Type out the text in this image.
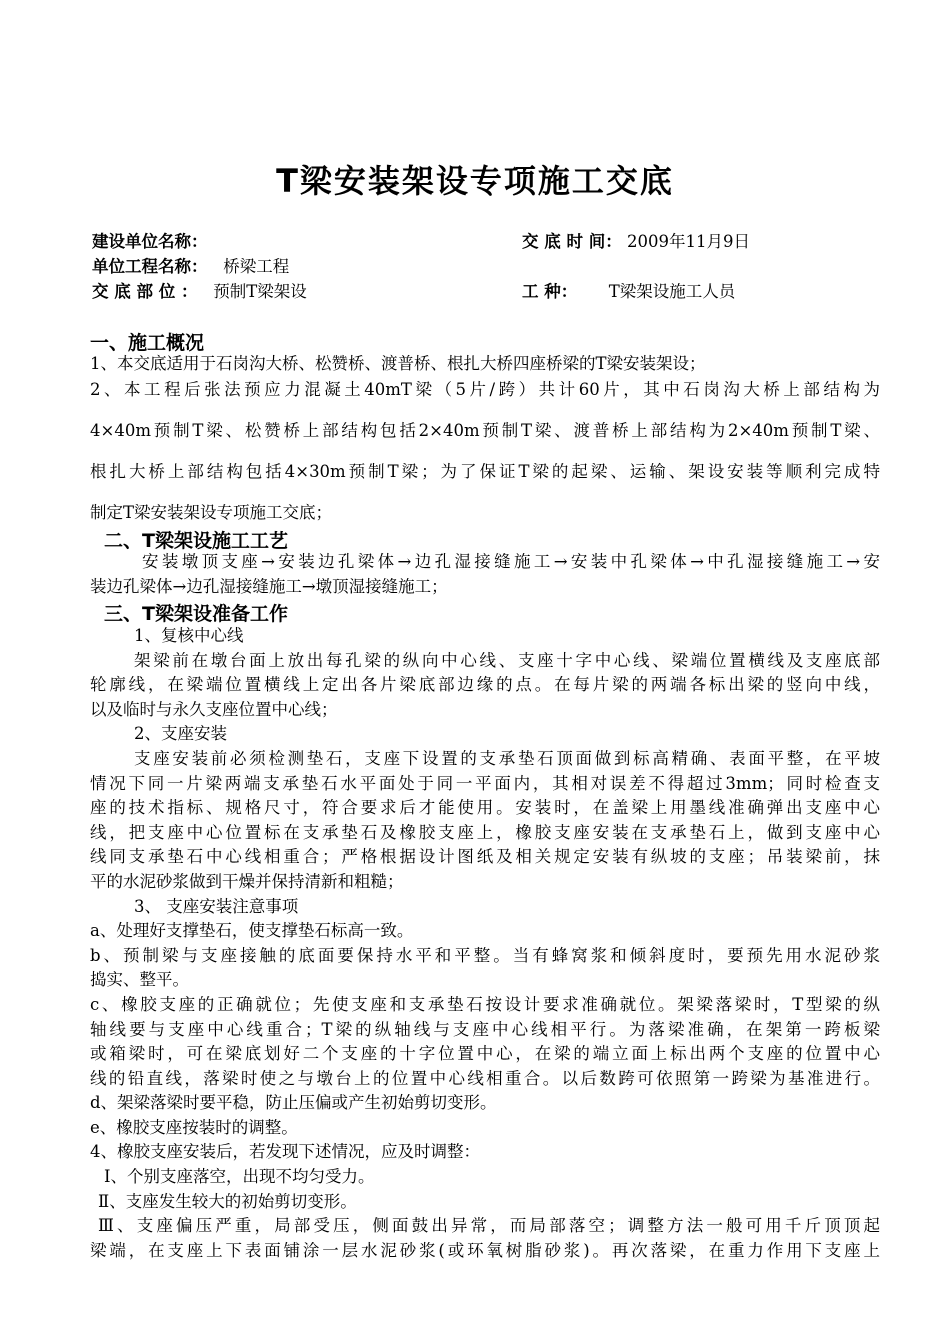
T梁安装架设专项施工交底
建设单位名称：	交 底 时 间： 2009年11月9日
单位工程名称： 桥梁工程
交 底 部 位 ： 预制T梁架设	工 种： T梁架设施工人员
一、施工概况
1、本交底适用于石岗沟大桥、松赞桥、渡普桥、根扎大桥四座桥梁的T梁安装架设；
2、本工程后张法预应力混凝土40mT梁（5片/跨）共计60片，其中石岗沟大桥上部结构为
4×40m预制T梁、松赞桥上部结构包括2×40m预制T梁、渡普桥上部结构为2×40m预制T梁、
根扎大桥上部结构包括4×30m预制T梁；为了保证T梁的起梁、运输、架设安装等顺利完成特
制定T梁安装架设专项施工交底；
二、T梁架设施工工艺
安装墩顶支座→安装边孔梁体→边孔湿接缝施工→安装中孔梁体→中孔湿接缝施工→安
装边孔梁体→边孔湿接缝施工→墩顶湿接缝施工；
三、T梁架设准备工作
1、复核中心线
架梁前在墩台面上放出每孔梁的纵向中心线、支座十字中心线、梁端位置横线及支座底部
轮廓线，在梁端位置横线上定出各片梁底部边缘的点。在每片梁的两端各标出梁的竖向中线，
以及临时与永久支座位置中心线；
2、支座安装
支座安装前必须检测垫石，支座下设置的支承垫石顶面做到标高精确、表面平整，在平坡
情况下同一片梁两端支承垫石水平面处于同一平面内，其相对误差不得超过3mm；同时检查支
座的技术指标、规格尺寸，符合要求后才能使用。安装时，在盖梁上用墨线准确弹出支座中心
线，把支座中心位置标在支承垫石及橡胶支座上，橡胶支座安装在支承垫石上，做到支座中心
线同支承垫石中心线相重合；严格根据设计图纸及相关规定安装有纵坡的支座；吊装梁前，抹
平的水泥砂浆做到干燥并保持清新和粗糙；
3、 支座安装注意事项
a、处理好支撑垫石，使支撑垫石标高一致。
b、预制梁与支座接触的底面要保持水平和平整。当有蜂窝浆和倾斜度时，要预先用水泥砂浆
捣实、整平。
c、橡胶支座的正确就位；先使支座和支承垫石按设计要求准确就位。架梁落梁时，T型梁的纵
轴线要与支座中心线重合；T梁的纵轴线与支座中心线相平行。为落梁准确，在架第一跨板梁
或箱梁时，可在梁底划好二个支座的十字位置中心，在梁的端立面上标出两个支座的位置中心
线的铅直线，落梁时使之与墩台上的位置中心线相重合。以后数跨可依照第一跨梁为基准进行。
d、架梁落梁时要平稳，防止压偏或产生初始剪切变形。
e、橡胶支座按装时的调整。
4、橡胶支座安装后，若发现下述情况，应及时调整：
Ⅰ、个别支座落空，出现不均匀受力。
Ⅱ、支座发生较大的初始剪切变形。
Ⅲ、支座偏压严重，局部受压，侧面鼓出异常，而局部落空；调整方法一般可用千斤顶顶起
梁端，在支座上下表面铺涂一层水泥砂浆(或环氧树脂砂浆)。再次落梁，在重力作用下支座上
